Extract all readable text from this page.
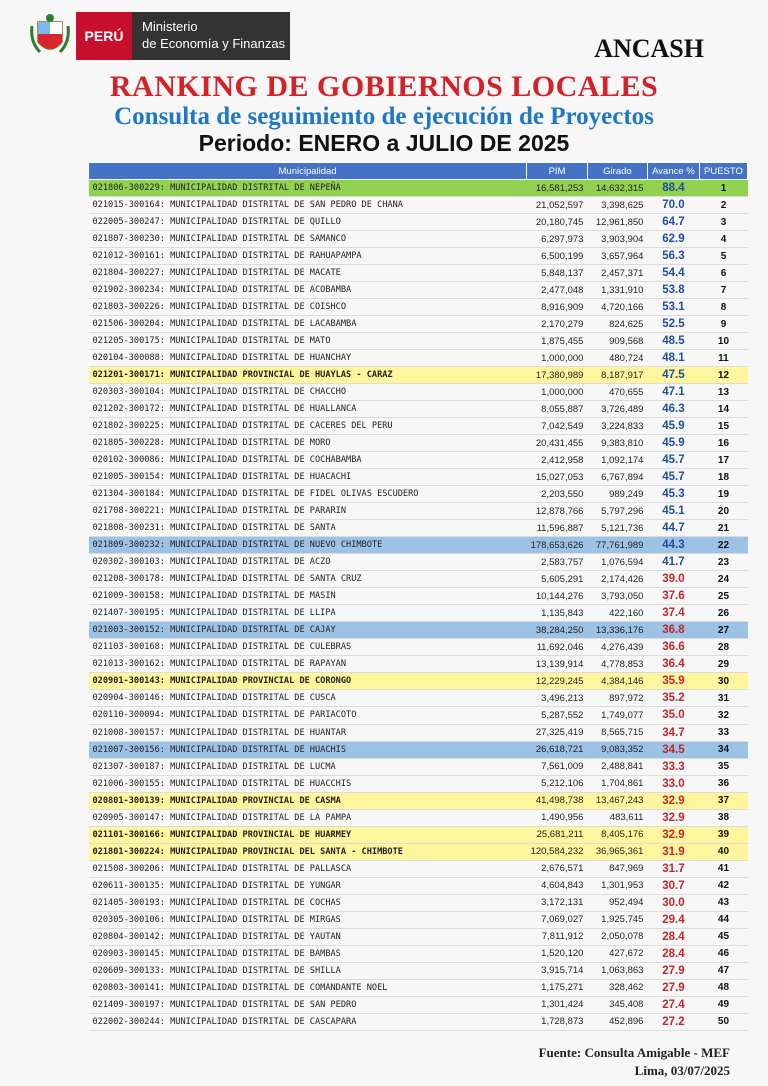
PERÚ
Ministerio
de Economía y Finanzas	ANCASH
RANKING DE GOBIERNOS LOCALES
Consulta de seguimiento de ejecución de Proyectos
Periodo: ENERO a JULIO DE 2025
Municipalidad	PIM	Girado	Avance %	PUESTO
021806-300229: MUNICIPALIDAD DISTRITAL DE NEPEÑA	16,581,253	14,632,315	88.4	1
021015-300164: MUNICIPALIDAD DISTRITAL DE SAN PEDRO DE CHANA	21,052,597	3,398,625	70.0	2
022005-300247: MUNICIPALIDAD DISTRITAL DE QUILLO	20,180,745	12,961,850	64.7	3
021807-300230: MUNICIPALIDAD DISTRITAL DE SAMANCO	6,297,973	3,903,904	62.9	4
021012-300161: MUNICIPALIDAD DISTRITAL DE RAHUAPAMPA	6,500,199	3,657,964	56.3	5
021804-300227: MUNICIPALIDAD DISTRITAL DE MACATE	5,848,137	2,457,371	54.4	6
021902-300234: MUNICIPALIDAD DISTRITAL DE ACOBAMBA	2,477,048	1,331,910	53.8	7
021803-300226: MUNICIPALIDAD DISTRITAL DE COISHCO	8,916,909	4,720,166	53.1	8
021506-300204: MUNICIPALIDAD DISTRITAL DE LACABAMBA	2,170,279	824,625	52.5	9
021205-300175: MUNICIPALIDAD DISTRITAL DE MATO	1,875,455	909,568	48.5	10
020104-300088: MUNICIPALIDAD DISTRITAL DE HUANCHAY	1,000,000	480,724	48.1	11
021201-300171: MUNICIPALIDAD PROVINCIAL DE HUAYLAS - CARAZ	17,380,989	8,187,917	47.5	12
020303-300104: MUNICIPALIDAD DISTRITAL DE CHACCHO	1,000,000	470,655	47.1	13
021202-300172: MUNICIPALIDAD DISTRITAL DE HUALLANCA	8,055,887	3,726,489	46.3	14
021802-300225: MUNICIPALIDAD DISTRITAL DE CACERES DEL PERU	7,042,549	3,224,833	45.9	15
021805-300228: MUNICIPALIDAD DISTRITAL DE MORO	20,431,455	9,383,810	45.9	16
020102-300086: MUNICIPALIDAD DISTRITAL DE COCHABAMBA	2,412,958	1,092,174	45.7	17
021005-300154: MUNICIPALIDAD DISTRITAL DE HUACACHI	15,027,053	6,767,894	45.7	18
021304-300184: MUNICIPALIDAD DISTRITAL DE FIDEL OLIVAS ESCUDERO	2,203,550	989,249	45.3	19
021708-300221: MUNICIPALIDAD DISTRITAL DE PARARIN	12,878,766	5,797,296	45.1	20
021808-300231: MUNICIPALIDAD DISTRITAL DE SANTA	11,596,887	5,121,736	44.7	21
021809-300232: MUNICIPALIDAD DISTRITAL DE NUEVO CHIMBOTE	178,653,626	77,761,989	44.3	22
020302-300103: MUNICIPALIDAD DISTRITAL DE ACZO	2,583,757	1,076,594	41.7	23
021208-300178: MUNICIPALIDAD DISTRITAL DE SANTA CRUZ	5,605,291	2,174,426	39.0	24
021009-300158: MUNICIPALIDAD DISTRITAL DE MASIN	10,144,276	3,793,050	37.6	25
021407-300195: MUNICIPALIDAD DISTRITAL DE LLIPA	1,135,843	422,160	37.4	26
021003-300152: MUNICIPALIDAD DISTRITAL DE CAJAY	38,284,250	13,336,176	36.8	27
021103-300168: MUNICIPALIDAD DISTRITAL DE CULEBRAS	11,692,046	4,276,439	36.6	28
021013-300162: MUNICIPALIDAD DISTRITAL DE RAPAYAN	13,139,914	4,778,853	36.4	29
020901-300143: MUNICIPALIDAD PROVINCIAL DE CORONGO	12,229,245	4,384,146	35.9	30
020904-300146: MUNICIPALIDAD DISTRITAL DE CUSCA	3,496,213	897,972	35.2	31
020110-300094: MUNICIPALIDAD DISTRITAL DE PARIACOTO	5,287,552	1,749,077	35.0	32
021008-300157: MUNICIPALIDAD DISTRITAL DE HUANTAR	27,325,419	8,565,715	34.7	33
021007-300156: MUNICIPALIDAD DISTRITAL DE HUACHIS	26,618,721	9,083,352	34.5	34
021307-300187: MUNICIPALIDAD DISTRITAL DE LUCMA	7,561,009	2,488,841	33.3	35
021006-300155: MUNICIPALIDAD DISTRITAL DE HUACCHIS	5,212,106	1,704,861	33.0	36
020801-300139: MUNICIPALIDAD PROVINCIAL DE CASMA	41,498,738	13,467,243	32.9	37
020905-300147: MUNICIPALIDAD DISTRITAL DE LA PAMPA	1,490,956	483,611	32.9	38
021101-300166: MUNICIPALIDAD PROVINCIAL DE HUARMEY	25,681,211	8,405,176	32.9	39
021801-300224: MUNICIPALIDAD PROVINCIAL DEL SANTA - CHIMBOTE	120,584,232	36,965,361	31.9	40
021508-300206: MUNICIPALIDAD DISTRITAL DE PALLASCA	2,676,571	847,969	31.7	41
020611-300135: MUNICIPALIDAD DISTRITAL DE YUNGAR	4,604,843	1,301,953	30.7	42
021405-300193: MUNICIPALIDAD DISTRITAL DE COCHAS	3,172,131	952,494	30.0	43
020305-300106: MUNICIPALIDAD DISTRITAL DE MIRGAS	7,069,027	1,925,745	29.4	44
020804-300142: MUNICIPALIDAD DISTRITAL DE YAUTAN	7,811,912	2,050,078	28.4	45
020903-300145: MUNICIPALIDAD DISTRITAL DE BAMBAS	1,520,120	427,672	28.4	46
020609-300133: MUNICIPALIDAD DISTRITAL DE SHILLA	3,915,714	1,063,863	27.9	47
020803-300141: MUNICIPALIDAD DISTRITAL DE COMANDANTE NOEL	1,175,271	328,462	27.9	48
021409-300197: MUNICIPALIDAD DISTRITAL DE SAN PEDRO	1,301,424	345,408	27.4	49
022002-300244: MUNICIPALIDAD DISTRITAL DE CASCAPARA	1,728,873	452,896	27.2	50
Fuente: Consulta Amigable - MEF
Lima, 03/07/2025
